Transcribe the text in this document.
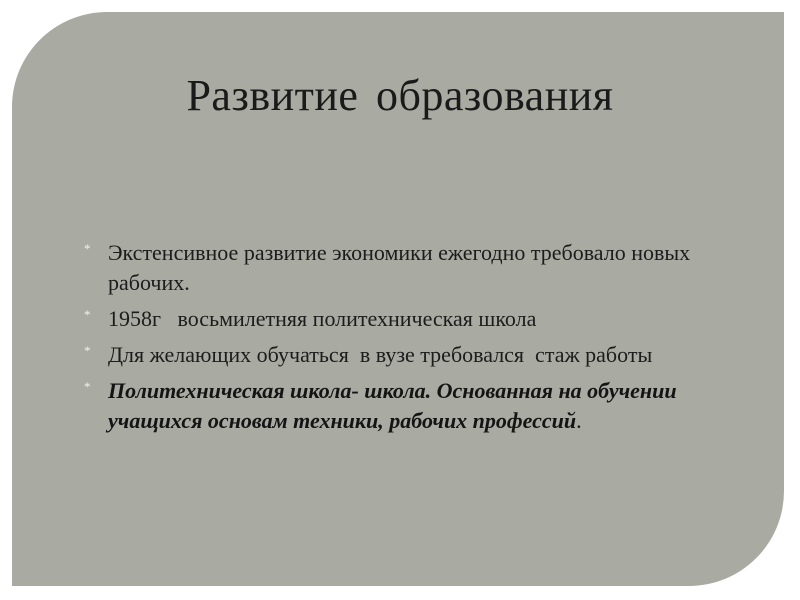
Развитие образования
* Экстенсивное развитие экономики ежегодно требовало новых рабочих.
* 1958г   восьмилетняя политехническая школа
* Для желающих обучаться  в вузе требовался  стаж работы
* Политехническая школа- школа. Основанная на обучении учащихся основам техники, рабочих профессий.
